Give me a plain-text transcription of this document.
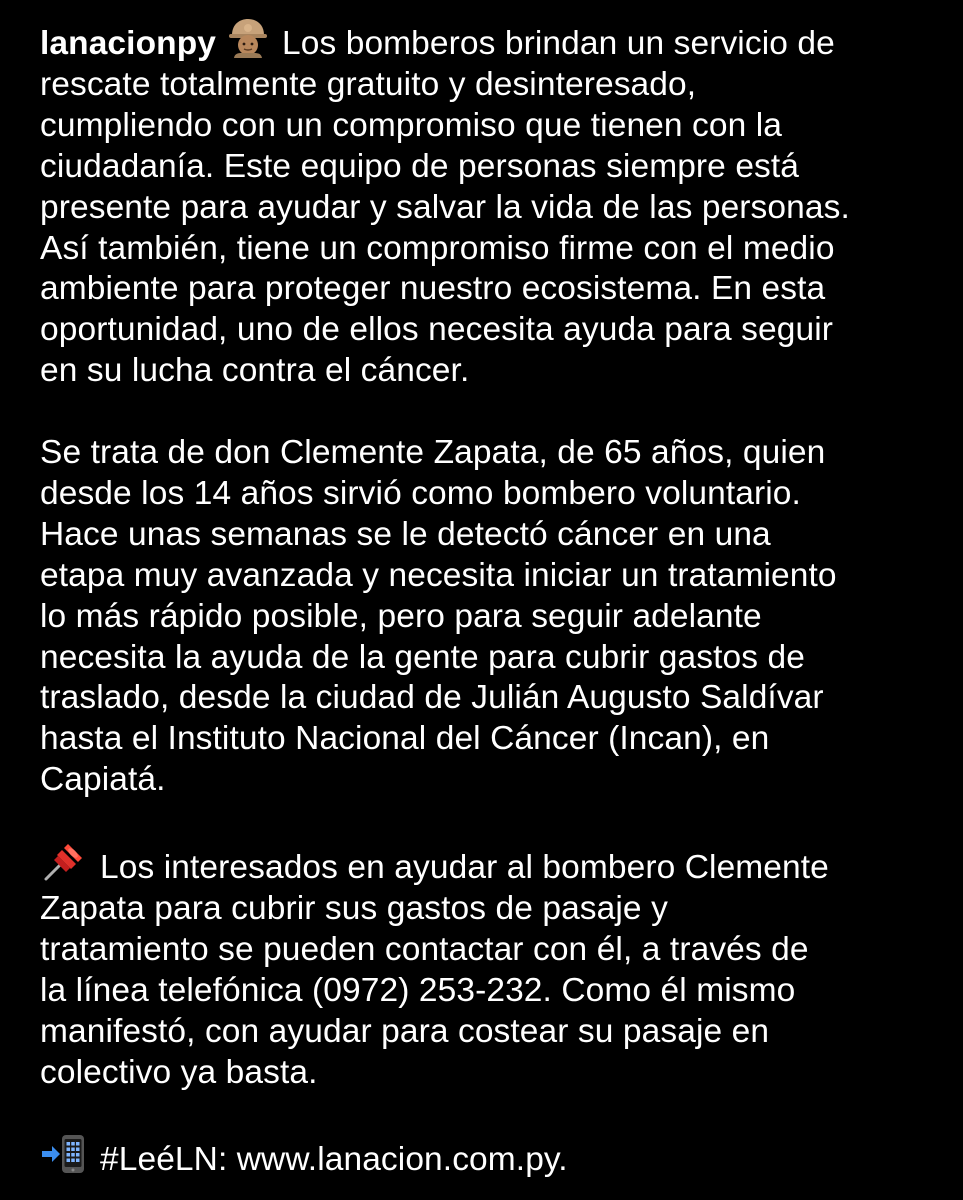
lanacionpy Los bomberos brindan un servicio de
rescate totalmente gratuito y desinteresado,
cumpliendo con un compromiso que tienen con la
ciudadanía. Este equipo de personas siempre está
presente para ayudar y salvar la vida de las personas.
Así también, tiene un compromiso firme con el medio
ambiente para proteger nuestro ecosistema. En esta
oportunidad, uno de ellos necesita ayuda para seguir
en su lucha contra el cáncer.

Se trata de don Clemente Zapata, de 65 años, quien
desde los 14 años sirvió como bombero voluntario.
Hace unas semanas se le detectó cáncer en una
etapa muy avanzada y necesita iniciar un tratamiento
lo más rápido posible, pero para seguir adelante
necesita la ayuda de la gente para cubrir gastos de
traslado, desde la ciudad de Julián Augusto Saldívar
hasta el Instituto Nacional del Cáncer (Incan), en
Capiatá.

Los interesados en ayudar al bombero Clemente
Zapata para cubrir sus gastos de pasaje y
tratamiento se pueden contactar con él, a través de
la línea telefónica (0972) 253-232. Como él mismo
manifestó, con ayudar para costear su pasaje en
colectivo ya basta.

#LeéLN: www.lanacion.com.py.
